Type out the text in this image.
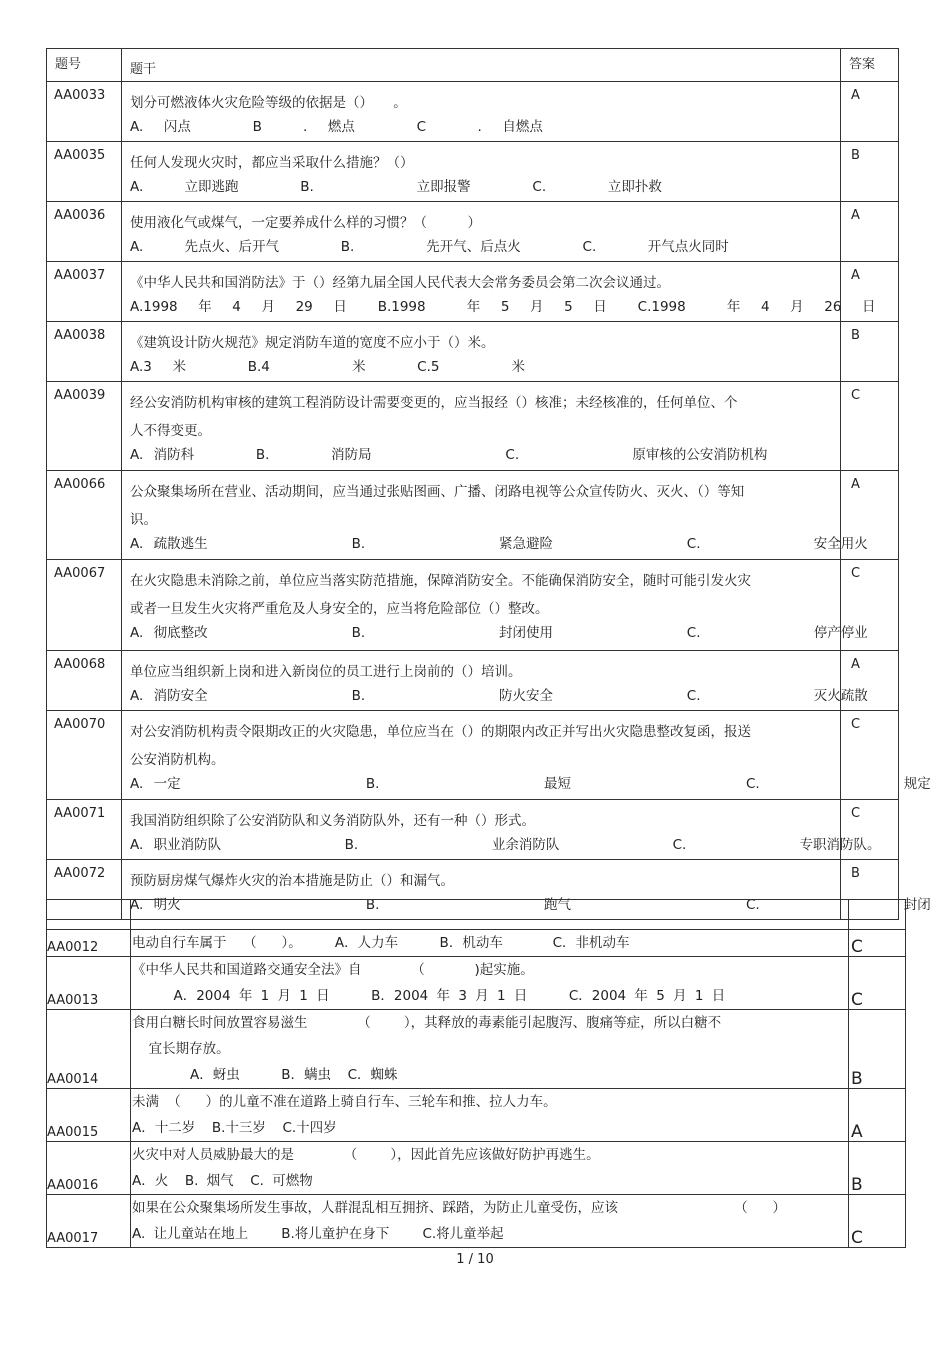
题号	题干	答案

AA0033	划分可燃液体火灾危险等级的依据是（）　　。
A.  闪点      B    .  燃点      C     .  自燃点	A

AA0035	任何人发现火灾时，都应当采取什么措施？（）
A.    立即逃跑      B.          立即报警      C.      立即扑救	B

AA0036	使用液化气或煤气，一定要养成什么样的习惯？（　　　）
A.    先点火、后开气      B.       先开气、后点火      C.     开气点火同时	A

AA0037	《中华人民共和国消防法》于（）经第九届全国人民代表大会常务委员会第二次会议通过。
A.1998  年  4  月  29  日   B.1998    年  5  月  5  日   C.1998    年  4  月  26  日	A

AA0038	《建筑设计防火规范》规定消防车道的宽度不应小于（）米。
A.3  米      B.4        米     C.5       米	B

AA0039	经公安消防机构审核的建筑工程消防设计需要变更的，应当报经（）核准；未经核准的，任何单位、个人不得变更。
A. 消防科      B.      消防局             C.           原审核的公安消防机构	C

AA0066	公众聚集场所在营业、活动期间，应当通过张贴图画、广播、闭路电视等公众宣传防火、灭火、（）等知识。
A. 疏散逃生              B.             紧急避险             C.           安全用火	A

AA0067	在火灾隐患未消除之前，单位应当落实防范措施，保障消防安全。不能确保消防安全，随时可能引发火灾或者一旦发生火灾将严重危及人身安全的，应当将危险部位（）整改。
A. 彻底整改              B.             封闭使用             C.           停产停业	C

AA0068	单位应当组织新上岗和进入新岗位的员工进行上岗前的（）培训。
A. 消防安全              B.             防火安全             C.           灭火疏散	A

AA0070	对公安消防机构责令限期改正的火灾隐患，单位应当在（）的期限内改正并写出火灾隐患整改复函，报送公安消防机构。
A. 一定                  B.                最短                 C.              规定	C

AA0071	我国消防组织除了公安消防队和义务消防队外，还有一种（）形式。
A. 职业消防队            B.             业余消防队           C.           专职消防队。	C

AA0072	预防厨房煤气爆炸火灾的治本措施是防止（）和漏气。
A. 明火                  B.                跑气                 C.              封闭	B

AA0012	电动自行车属于  （   ）。    A．人力车     B．机动车      C．非机动车	C

AA0013	《中华人民共和国道路交通安全法》自      （      )起实施。
A．2004 年 1 月 1 日     B．2004 年 3 月 1 日     C．2004 年 5 月 1 日	C

AA0014	食用白糖长时间放置容易滋生      （    ），其释放的毒素能引起腹泻、腹痛等症，所以白糖不
宜长期存放。
A．蚜虫     B．螨虫  C．蜘蛛	B

AA0015	未满 （   ）的儿童不准在道路上骑自行车、三轮车和推、拉人力车。
A．十二岁  B.十三岁  C.十四岁	A

AA0016	火灾中对人员威胁最大的是      （    ），因此首先应该做好防护再逃生。
A．火  B. 烟气  C. 可燃物	B

AA0017	如果在公众聚集场所发生事故，人群混乱相互拥挤、踩踏，为防止儿童受伤，应该              （   ）
A. 让儿童站在地上    B.将儿童护在身下    C.将儿童举起	C
1 / 10
